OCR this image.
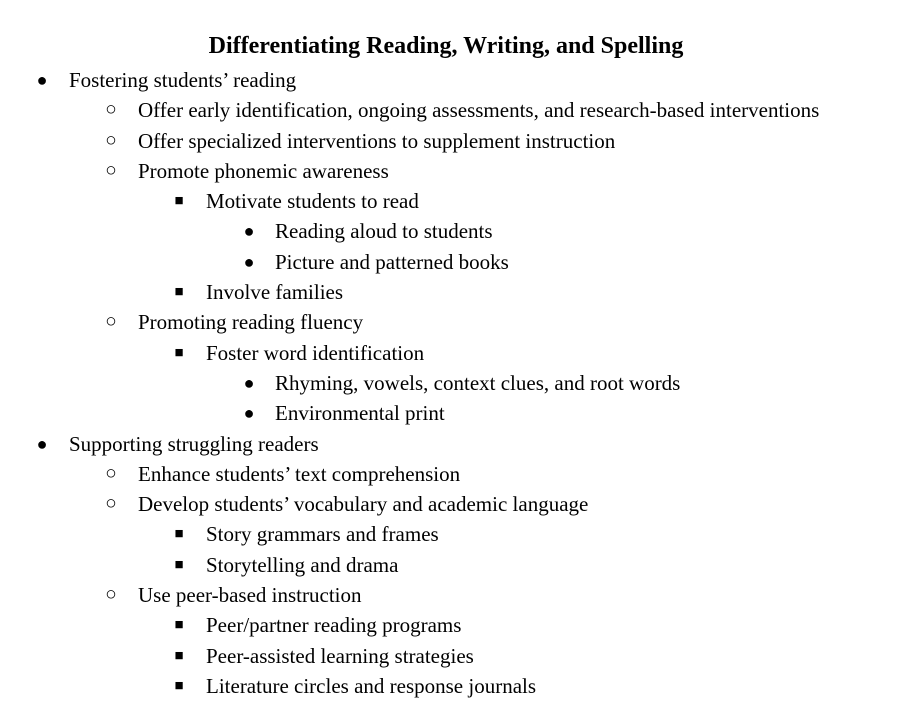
Differentiating Reading, Writing, and Spelling
● Fostering students’ reading
○ Offer early identification, ongoing assessments, and research-based interventions
○ Offer specialized interventions to supplement instruction
○ Promote phonemic awareness
■ Motivate students to read
● Reading aloud to students
● Picture and patterned books
■ Involve families
○ Promoting reading fluency
■ Foster word identification
● Rhyming, vowels, context clues, and root words
● Environmental print
● Supporting struggling readers
○ Enhance students’ text comprehension
○ Develop students’ vocabulary and academic language
■ Story grammars and frames
■ Storytelling and drama
○ Use peer-based instruction
■ Peer/partner reading programs
■ Peer-assisted learning strategies
■ Literature circles and response journals
